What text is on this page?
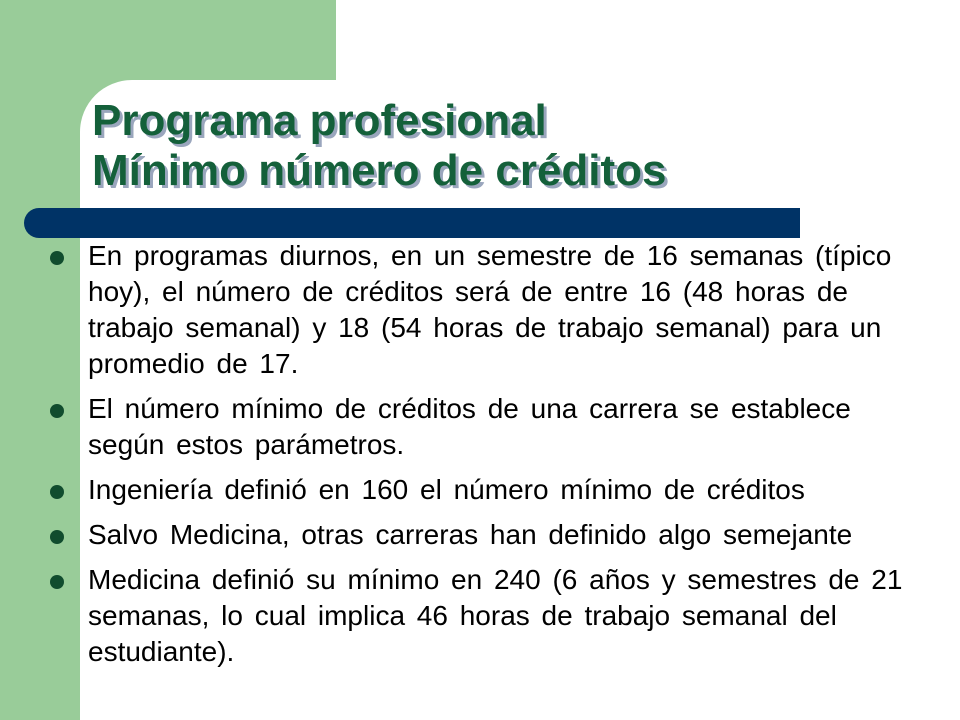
Programa profesional
Mínimo número de créditos
En programas diurnos, en un semestre de 16 semanas (típico hoy), el número de créditos será de entre 16 (48 horas de trabajo semanal) y 18 (54 horas de trabajo semanal) para un promedio de 17.
El número mínimo de créditos de una carrera se establece según estos parámetros.
Ingeniería definió en 160 el número mínimo de créditos
Salvo Medicina, otras carreras han definido algo semejante
Medicina definió su mínimo en 240 (6 años y semestres de 21 semanas, lo cual implica 46 horas de trabajo semanal del estudiante).
